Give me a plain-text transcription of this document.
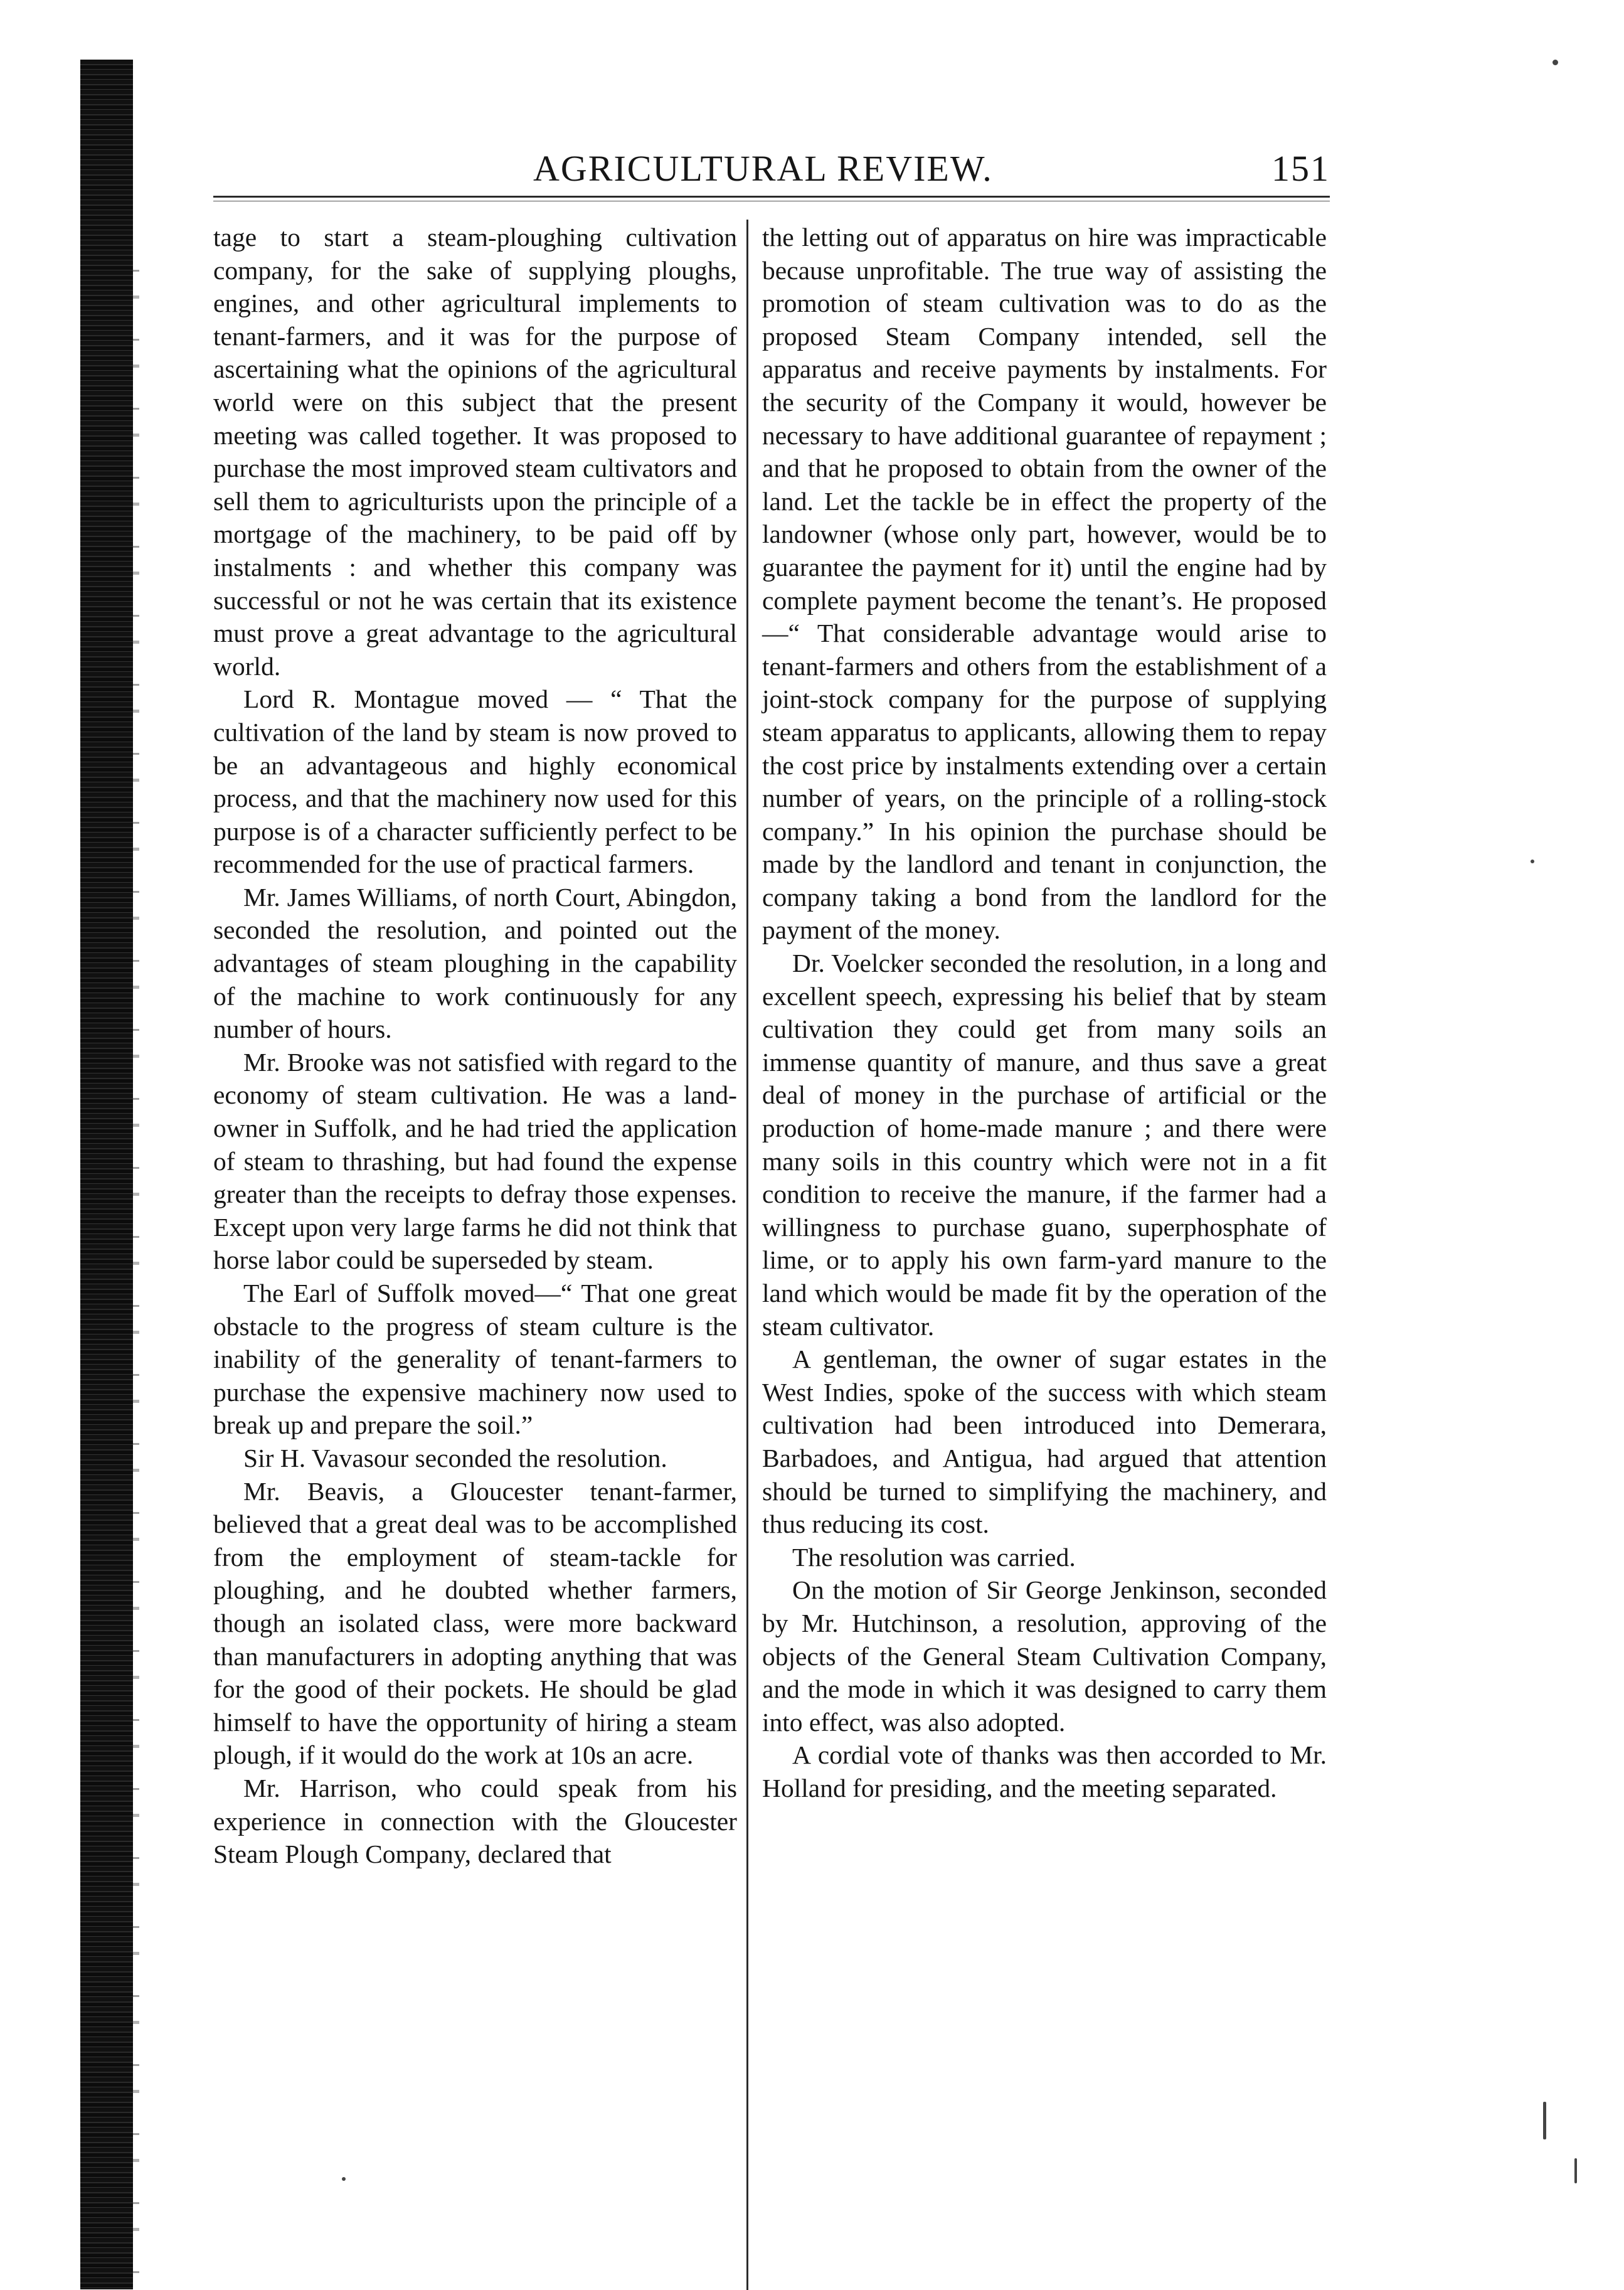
AGRICULTURAL REVIEW.	151

tage to start a steam-ploughing cultivation company, for the sake of supplying ploughs, engines, and other agricultural implements to tenant-farmers, and it was for the purpose of ascertaining what the opinions of the agricultural world were on this subject that the present meeting was called together. It was proposed to purchase the most improved steam cultivators and sell them to agriculturists upon the principle of a mortgage of the machinery, to be paid off by instalments : and whether this company was successful or not he was certain that its existence must prove a great advantage to the agricultural world.

Lord R. Montague moved — “ That the cultivation of the land by steam is now proved to be an advantageous and highly economical process, and that the machinery now used for this purpose is of a character sufficiently perfect to be recommended for the use of practical farmers.

Mr. James Williams, of north Court, Abingdon, seconded the resolution, and pointed out the advantages of steam ploughing in the capability of the machine to work continuously for any number of hours.

Mr. Brooke was not satisfied with regard to the economy of steam cultivation. He was a land-owner in Suffolk, and he had tried the application of steam to thrashing, but had found the expense greater than the receipts to defray those expenses. Except upon very large farms he did not think that horse labor could be superseded by steam.

The Earl of Suffolk moved—“ That one great obstacle to the progress of steam culture is the inability of the generality of tenant-farmers to purchase the expensive machinery now used to break up and prepare the soil.”

Sir H. Vavasour seconded the resolution.

Mr. Beavis, a Gloucester tenant-farmer, believed that a great deal was to be accomplished from the employment of steam-tackle for ploughing, and he doubted whether farmers, though an isolated class, were more backward than manufacturers in adopting anything that was for the good of their pockets. He should be glad himself to have the opportunity of hiring a steam plough, if it would do the work at 10s an acre.

Mr. Harrison, who could speak from his experience in connection with the Gloucester Steam Plough Company, declared that

the letting out of apparatus on hire was impracticable because unprofitable. The true way of assisting the promotion of steam cultivation was to do as the proposed Steam Company intended, sell the apparatus and receive payments by instalments. For the security of the Company it would, however be necessary to have additional guarantee of repayment ; and that he proposed to obtain from the owner of the land. Let the tackle be in effect the property of the landowner (whose only part, however, would be to guarantee the payment for it) until the engine had by complete payment become the tenant’s. He proposed—“ That considerable advantage would arise to tenant-farmers and others from the establishment of a joint-stock company for the purpose of supplying steam apparatus to applicants, allowing them to repay the cost price by instalments extending over a certain number of years, on the principle of a rolling-stock company.” In his opinion the purchase should be made by the landlord and tenant in conjunction, the company taking a bond from the landlord for the payment of the money.

Dr. Voelcker seconded the resolution, in a long and excellent speech, expressing his belief that by steam cultivation they could get from many soils an immense quantity of manure, and thus save a great deal of money in the purchase of artificial or the production of home-made manure ; and there were many soils in this country which were not in a fit condition to receive the manure, if the farmer had a willingness to purchase guano, superphosphate of lime, or to apply his own farm-yard manure to the land which would be made fit by the operation of the steam cultivator.

A gentleman, the owner of sugar estates in the West Indies, spoke of the success with which steam cultivation had been introduced into Demerara, Barbadoes, and Antigua, had argued that attention should be turned to simplifying the machinery, and thus reducing its cost.

The resolution was carried.

On the motion of Sir George Jenkinson, seconded by Mr. Hutchinson, a resolution, approving of the objects of the General Steam Cultivation Company, and the mode in which it was designed to carry them into effect, was also adopted.

A cordial vote of thanks was then accorded to Mr. Holland for presiding, and the meeting separated.
